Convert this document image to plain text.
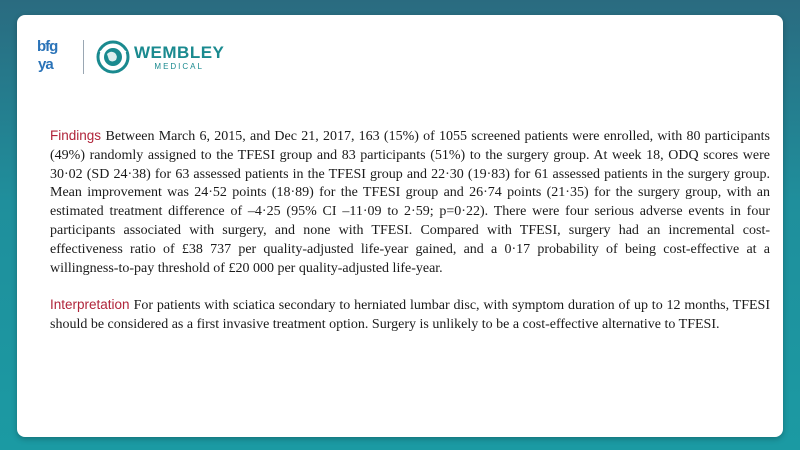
bfg
ya
WEMBLEY
MEDICAL

Findings Between March 6, 2015, and Dec 21, 2017, 163 (15%) of 1055 screened patients were enrolled, with 80 participants (49%) randomly assigned to the TFESI group and 83 participants (51%) to the surgery group. At week 18, ODQ scores were 30·02 (SD 24·38) for 63 assessed patients in the TFESI group and 22·30 (19·83) for 61 assessed patients in the surgery group. Mean improvement was 24·52 points (18·89) for the TFESI group and 26·74 points (21·35) for the surgery group, with an estimated treatment difference of –4·25 (95% CI –11·09 to 2·59; p=0·22). There were four serious adverse events in four participants associated with surgery, and none with TFESI. Compared with TFESI, surgery had an incremental cost-effectiveness ratio of £38 737 per quality-adjusted life-year gained, and a 0·17 probability of being cost-effective at a willingness-to-pay threshold of £20 000 per quality-adjusted life-year.

Interpretation For patients with sciatica secondary to herniated lumbar disc, with symptom duration of up to 12 months, TFESI should be considered as a first invasive treatment option. Surgery is unlikely to be a cost-effective alternative to TFESI.
